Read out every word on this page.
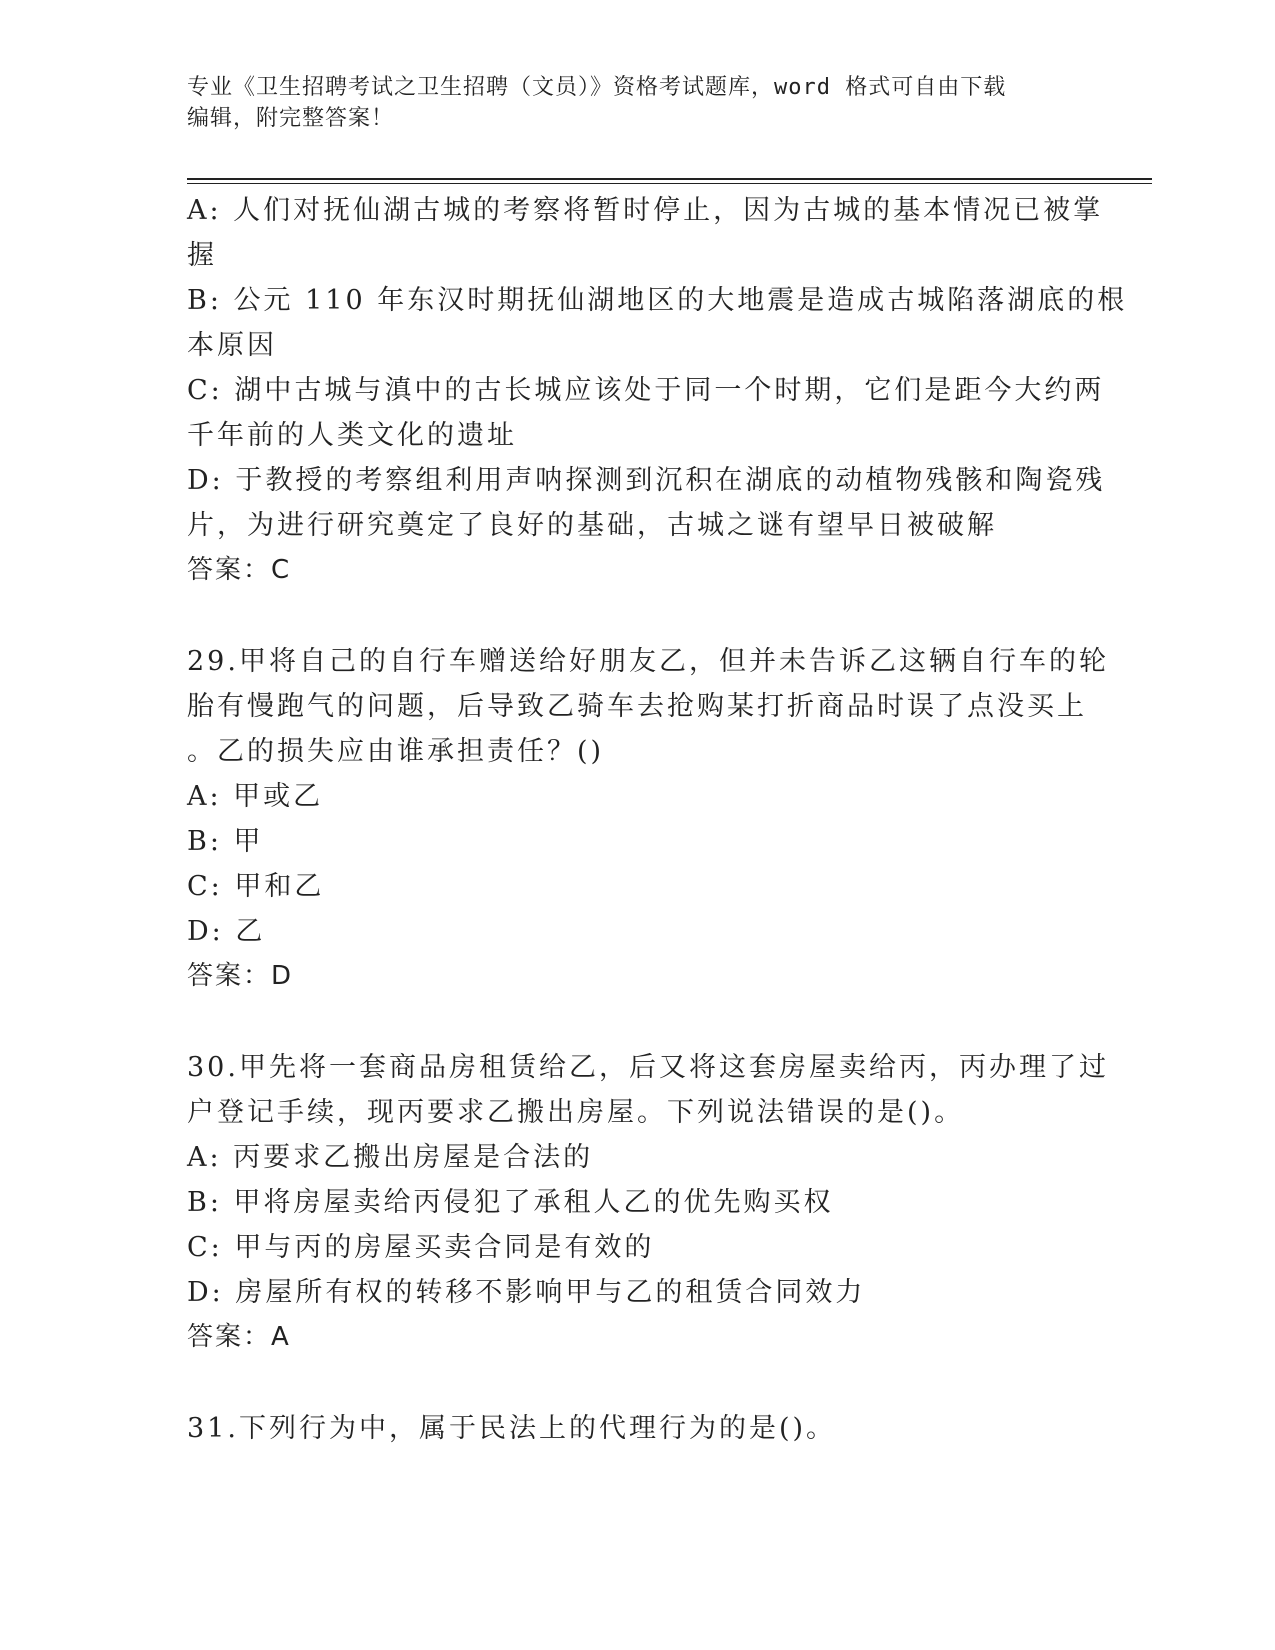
专业《卫生招聘考试之卫生招聘（文员）》资格考试题库，word 格式可自由下载
编辑，附完整答案！
A: 人们对抚仙湖古城的考察将暂时停止，因为古城的基本情况已被掌
握
B: 公元 110 年东汉时期抚仙湖地区的大地震是造成古城陷落湖底的根
本原因
C: 湖中古城与滇中的古长城应该处于同一个时期，它们是距今大约两
千年前的人类文化的遗址
D: 于教授的考察组利用声呐探测到沉积在湖底的动植物残骸和陶瓷残
片，为进行研究奠定了良好的基础，古城之谜有望早日被破解
答案：C
29.甲将自己的自行车赠送给好朋友乙，但并未告诉乙这辆自行车的轮
胎有慢跑气的问题，后导致乙骑车去抢购某打折商品时误了点没买上
。乙的损失应由谁承担责任？()
A: 甲或乙
B: 甲
C: 甲和乙
D: 乙
答案：D
30.甲先将一套商品房租赁给乙，后又将这套房屋卖给丙，丙办理了过
户登记手续，现丙要求乙搬出房屋。下列说法错误的是()。
A: 丙要求乙搬出房屋是合法的
B: 甲将房屋卖给丙侵犯了承租人乙的优先购买权
C: 甲与丙的房屋买卖合同是有效的
D: 房屋所有权的转移不影响甲与乙的租赁合同效力
答案：A
31.下列行为中，属于民法上的代理行为的是()。
